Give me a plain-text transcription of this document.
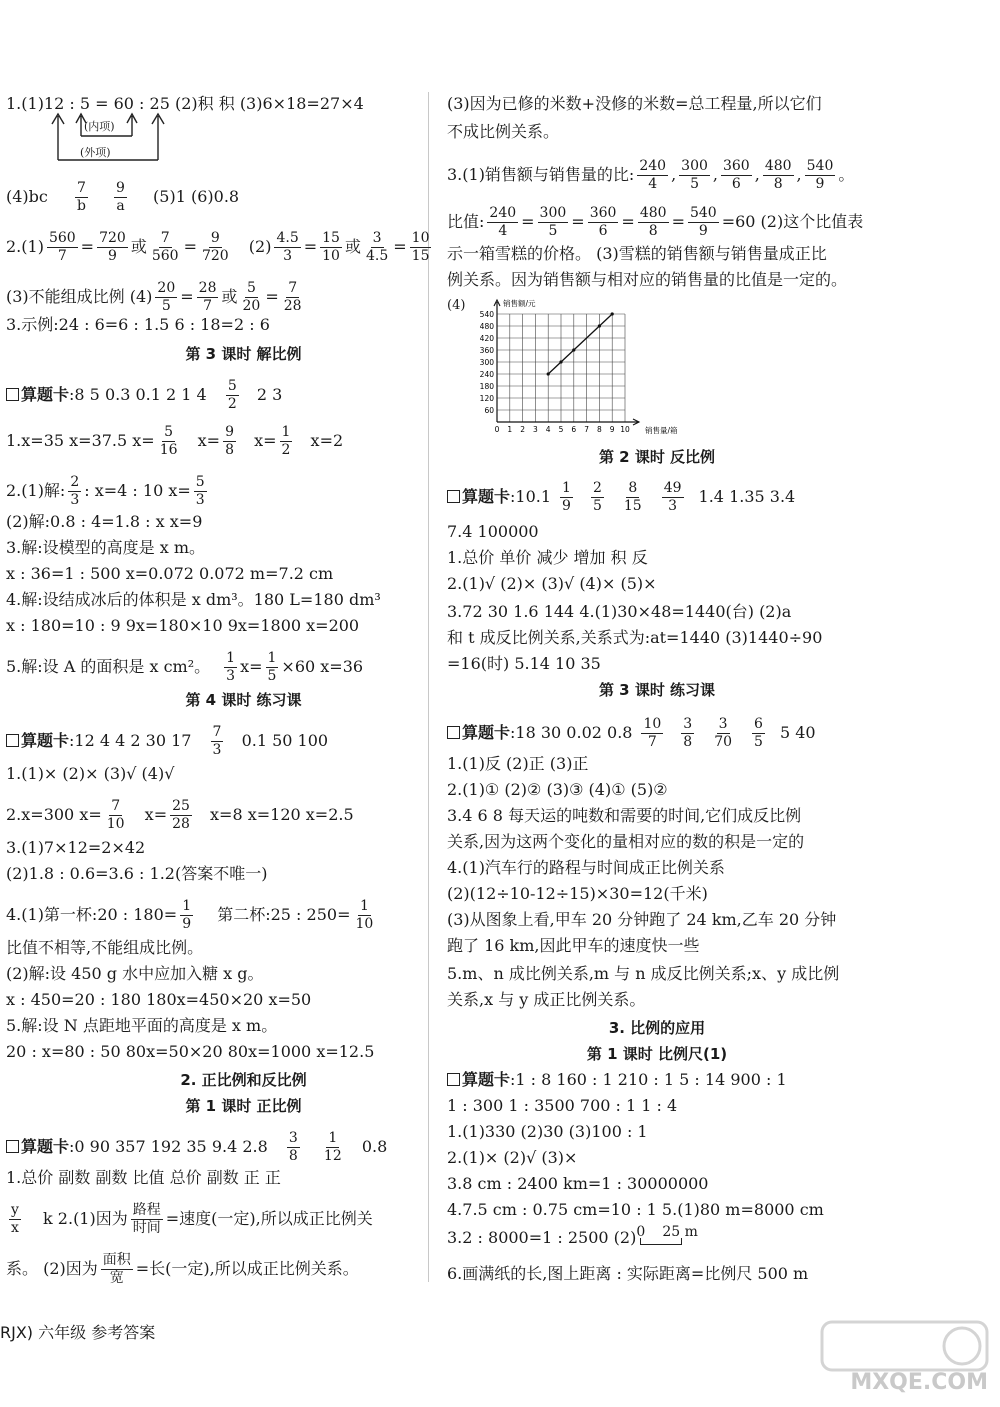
1.(1)12 : 5 = 60 : 25 (2)积 积 (3)6×18=27×4
(内项)
(外项)
$(4)bc \frac{7}{b}$
$\frac{9}{a} (5)1$ (6)0.8
$2.(1) \frac{560}{7} = \frac{720}{9}$ 或 $\frac{7}{560} = \frac{9}{720} (2) \frac{4.5}{3} = \frac{15}{10}$ 或 $\frac{3}{4.5} = \frac{10}{15}$
(3)不能组成比例 $(4) \frac{20}{5} = \frac{28}{7}$ 或 $\frac{5}{20} = \frac{7}{28}$
3.示例:24 : 6=6 : 1.5 6 : 18=2 : 6
第 3 课时 解比例
算题卡:8 5 0.3 0.1 2 1 $4 \frac{5}{2} 2$ 3
1.x=35 x=37.5 $x= \frac{5}{16} x= \frac{9}{8} x= \frac{1}{2} x=2$
2.(1)解: $\frac{2}{3}$ : x=4 : 10 $x= \frac{5}{3}$
(2)解:0.8 : 4=1.8 : x x=9
3.解:设模型的高度是 x m。
x : 36=1 : 500 x=0.072 0.072 m=7.2 cm
4.解:设结成冰后的体积是 x dm³。180 L=180 dm³
x : 180=10 : 9 9x=180×10 9x=1800 x=200
5.解:设 A 的面积是 x cm²。 $\frac{1}{3} x= \frac{1}{5} \times 60$ x=36
第 4 课时 练习课
算题卡:12 4 4 2 30 $17 \frac{7}{3} 0.1$ 50 100
1.(1)× (2)× (3)√ (4)√
2.x=300 $x= \frac{7}{10} x= \frac{25}{28} x=8$ x=120 x=2.5
3.(1)7×12=2×42
(2)1.8 : 0.6=3.6 : 1.2(答案不唯一)
4.(1)第一杯:20 : $180= \frac{1}{9}$ 第二杯:25 : $250= \frac{1}{10}$
比值不相等,不能组成比例。
(2)解:设 450 g 水中应加入糖 x g。
x : 450=20 : 180 180x=450×20 x=50
5.解:设 N 点距地平面的高度是 x m。
20 : x=80 : 50 80x=50×20 80x=1000 x=12.5
2. 正比例和反比例
第 1 课时 正比例
算题卡:0 90 357 192 35 9.4 $2.8 \frac{3}{8}$
$\frac{1}{12} 0.8$
1.总价 副数 副数 比值 总价 副数 正 正
$\frac{y}{x}$ k 2.(1)因为 路程
时间 =速度(一定),所以成正比例关
系。 (2)因为 面积
宽 =长(一定),所以成正比例关系。
(3)因为已修的米数+没修的米数=总工程量,所以它们
不成比例关系。
3.(1)销售额与销售量的比: $\frac{240}{4}$ , $\frac{300}{5}$ , $\frac{360}{6}$ , $\frac{480}{8}$ , $\frac{540}{9}$ 。
比值: $\frac{240}{4} = \frac{300}{5} = \frac{360}{6} = \frac{480}{8} = \frac{540}{9} =60$ (2)这个比值表
示一箱雪糕的价格。 (3)雪糕的销售额与销售量成正比
例关系。因为销售额与相对应的销售量的比值是一定的。
(4)
0 1 2 3 4 5 6 7 8 9 10
60
120
180
240
300
360
420
480
540
销售额/元
销售量/箱
第 2 课时 反比例
算题卡:10.1 $\frac{1}{9} \frac{2}{5} \frac{8}{15} \frac{49}{3} 1.4$ 1.35 3.4
7.4 100000
1.总价 单价 减少 增加 积 反
2.(1)√ (2)× (3)√ (4)× (5)×
3.72 30 1.6 144 4.(1)30×48=1440(台) (2)a
和 t 成反比例关系,关系式为:at=1440 (3)1440÷90
=16(时) 5.14 10 35
第 3 课时 练习课
算题卡:18 30 0.02 $0.8 \frac{10}{7} \frac{3}{8} \frac{3}{70} \frac{6}{5} 5$ 40
1.(1)反 (2)正 (3)正
2.(1)① (2)② (3)③ (4)① (5)②
3.4 6 8 每天运的吨数和需要的时间,它们成反比例
关系,因为这两个变化的量相对应的数的积是一定的
4.(1)汽车行的路程与时间成正比例关系
(2)(12÷10-12÷15)×30=12(千米)
(3)从图象上看,甲车 20 分钟跑了 24 km,乙车 20 分钟
跑了 16 km,因此甲车的速度快一些
5.m、n 成比例关系,m 与 n 成反比例关系;x、y 成比例
关系,x 与 y 成正比例关系。
3. 比例的应用
第 1 课时 比例尺(1)
算题卡:1 : 8 160 : 1 210 : 1 5 : 14 900 : 1
1 : 300 1 : 3500 700 : 1 1 : 4
1.(1)330 (2)30 (3)100 : 1
2.(1)× (2)√ (3)×
3.8 cm : 2400 km=1 : 30000000
4.7.5 cm : 0.75 cm=10 : 1 5.(1)80 m=8000 cm
3.2 : 8000=1 : 2500 (2) 0 25 m
6.画满纸的长,图上距离 : 实际距离=比例尺 500 m
RJX) 六年级 参考答案
MXQE.COM
